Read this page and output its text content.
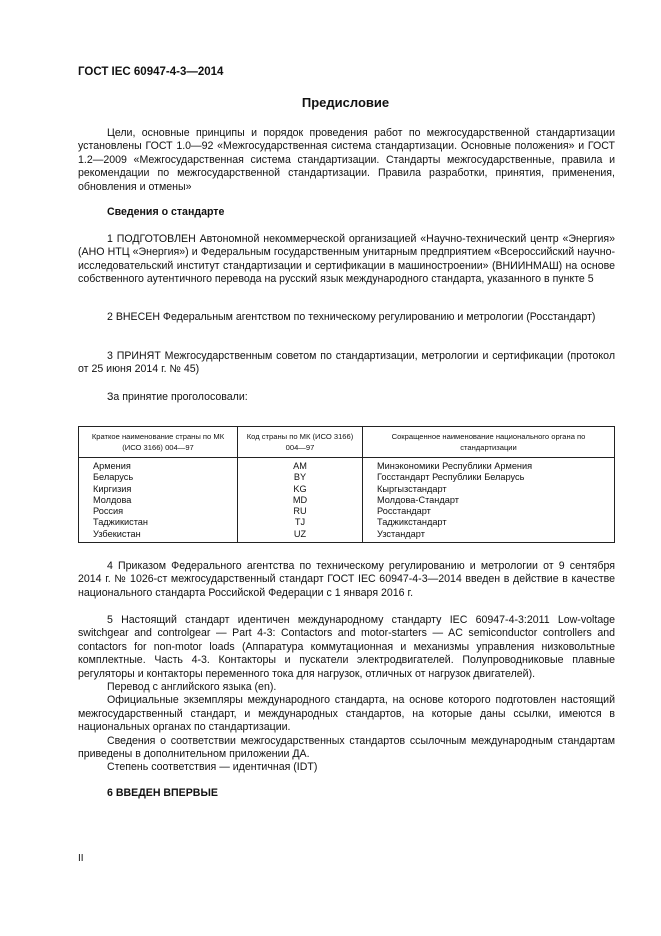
ГОСТ IEC 60947-4-3—2014
Предисловие

Цели, основные принципы и порядок проведения работ по межгосударственной стандартизации установлены ГОСТ 1.0—92 «Межгосударственная система стандартизации. Основные положения» и ГОСТ 1.2—2009 «Межгосударственная система стандартизации. Стандарты межгосударственные, правила и рекомендации по межгосударственной стандартизации. Правила разработки, принятия, применения, обновления и отмены»

Сведения о стандарте

1 ПОДГОТОВЛЕН Автономной некоммерческой организацией «Научно-технический центр «Энергия» (АНО НТЦ «Энергия») и Федеральным государственным унитарным предприятием «Всероссийский научно-исследовательский институт стандартизации и сертификации в машиностроении» (ВНИИНМАШ) на основе собственного аутентичного перевода на русский язык международного стандарта, указанного в пункте 5

2 ВНЕСЕН Федеральным агентством по техническому регулированию и метрологии (Росстандарт)

3 ПРИНЯТ Межгосударственным советом по стандартизации, метрологии и сертификации (протокол от 25 июня 2014 г. № 45)

За принятие проголосовали:
Краткое наименование страны по МК (ИСО 3166) 004—97	Код страны по МК (ИСО 3166) 004—97	Сокращенное наименование национального органа по стандартизации
Армения	AM	Минэкономики Республики Армения
Беларусь	BY	Госстандарт Республики Беларусь
Киргизия	KG	Кыргызстандарт
Молдова	MD	Молдова-Стандарт
Россия	RU	Росстандарт
Таджикистан	TJ	Таджикстандарт
Узбекистан	UZ	Узстандарт

4 Приказом Федерального агентства по техническому регулированию и метрологии от 9 сентября 2014 г. № 1026-ст межгосударственный стандарт ГОСТ IEC 60947-4-3—2014 введен в действие в качестве национального стандарта Российской Федерации с 1 января 2016 г.

5 Настоящий стандарт идентичен международному стандарту IEC 60947-4-3:2011 Low-voltage switchgear and controlgear — Part 4-3: Contactors and motor-starters — AC semiconductor controllers and contactors for non-motor loads (Аппаратура коммутационная и механизмы управления низковольтные комплектные. Часть 4-3. Контакторы и пускатели электродвигателей. Полупроводниковые плавные регуляторы и контакторы переменного тока для нагрузок, отличных от нагрузок двигателей).

Перевод с английского языка (en).

Официальные экземпляры международного стандарта, на основе которого подготовлен настоящий межгосударственный стандарт, и международных стандартов, на которые даны ссылки, имеются в национальных органах по стандартизации.

Сведения о соответствии межгосударственных стандартов ссылочным международным стандартам приведены в дополнительном приложении ДА.

Степень соответствия — идентичная (IDT)

6 ВВЕДЕН ВПЕРВЫЕ
II
